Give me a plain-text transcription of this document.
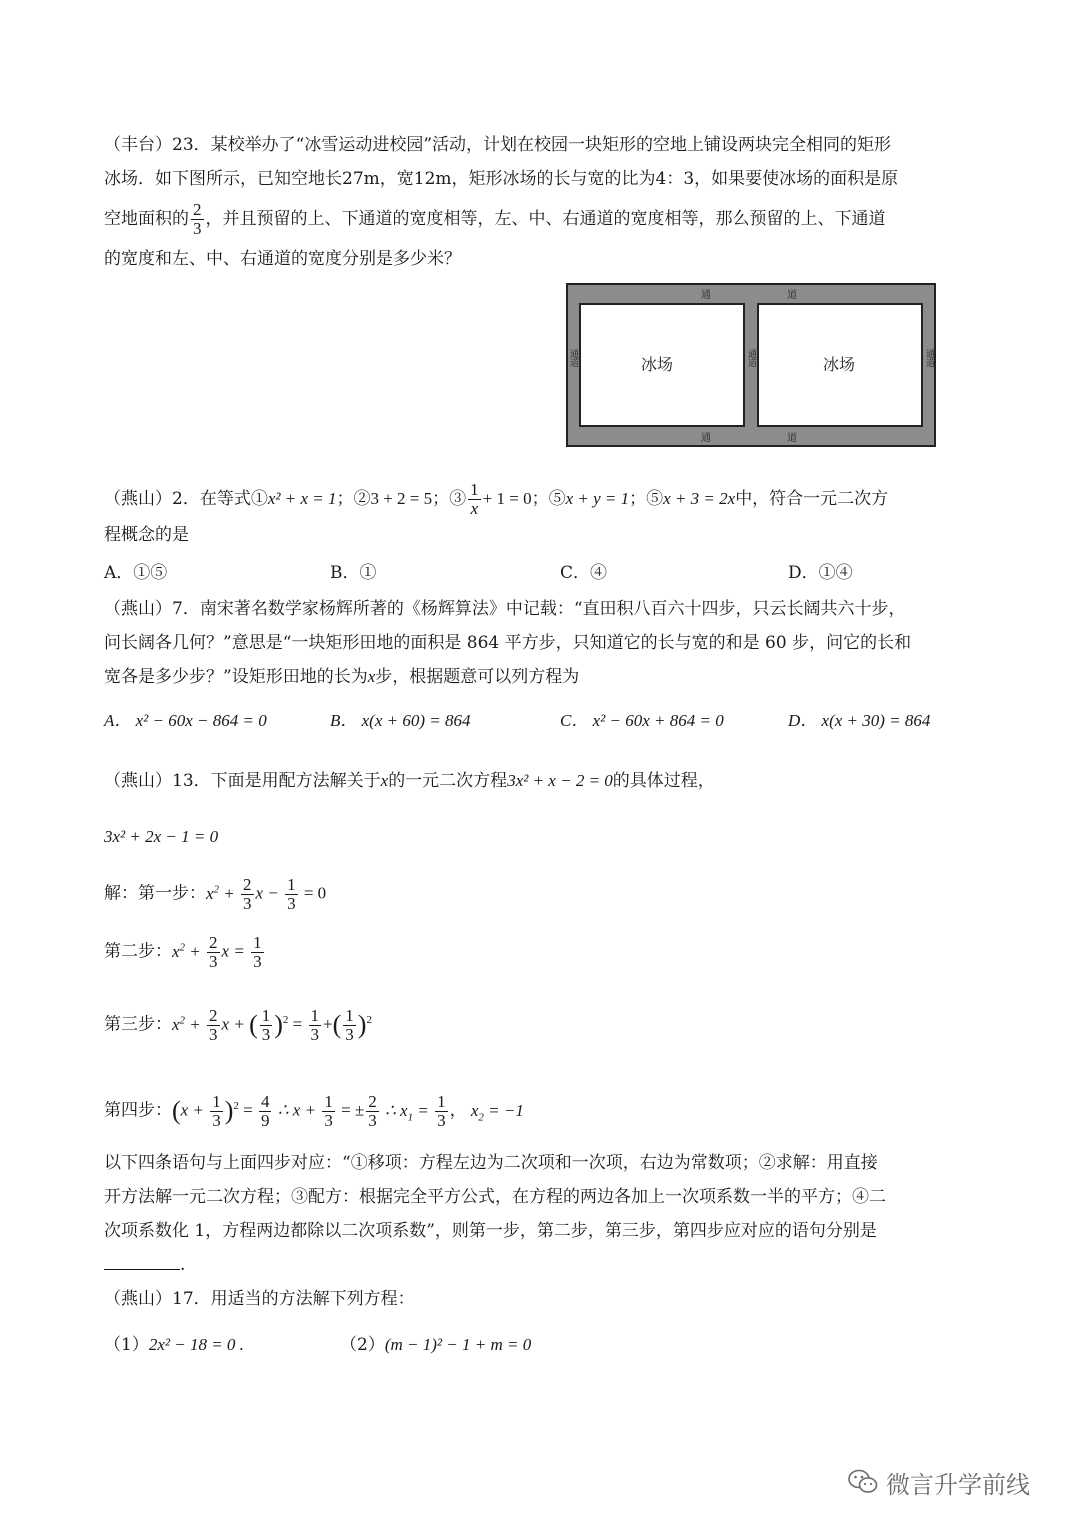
（丰台）23．某校举办了“冰雪运动进校园”活动，计划在校园一块矩形的空地上铺设两块完全相同的矩形
冰场．如下图所示，已知空地长27m，宽12m，矩形冰场的长与宽的比为4：3，如果要使冰场的面积是原
空地面积的 $\frac{2}{3}$ ，并且预留的上、下通道的宽度相等，左、中、右通道的宽度相等，那么预留的上、下通道
的宽度和左、中、右通道的宽度分别是多少米？
冰场	冰场
通	道
通	道
通道	通道	通道
（燕山）2．在等式①x² + x = 1；②3 + 2 = 5；③ $\frac{1}{x} + 1 = 0$；⑤x + y = 1；⑤x + 3 = 2x中，符合一元二次方
程概念的是
A．①⑤	B．①	C．④	D．①④
（燕山）7．南宋著名数学家杨辉所著的《杨辉算法》中记载：“直田积八百六十四步，只云长阔共六十步，
问长阔各几何？”意思是“一块矩形田地的面积是 864 平方步，只知道它的长与宽的和是 60 步，问它的长和
宽各是多少步？”设矩形田地的长为x步，根据题意可以列方程为
A． x² − 60x − 864 = 0	B． x(x + 60) = 864	C． x² − 60x + 864 = 0	D． x(x + 30) = 864
（燕山）13．下面是用配方法解关于x的一元二次方程3x² + x − 2 = 0的具体过程，
3x² + 2x − 1 = 0
解：第一步：$x^2 + \frac{2}{3}$ $x - \frac{1}{3} = 0$
第二步：$x^2 + \frac{2}{3}$ $x = \frac{1}{3}$
第三步：$x^2 + \frac{2}{3}$ x + ( $\frac{1}{3} )^2 = \frac{1}{3}$ +( $\frac{1}{3} )^2$
第四步：$(x + \frac{1}{3} )^2 = \frac{4}{9}$ ∴ $x + \frac{1}{3}$ = ± $\frac{2}{3}$ ∴ $x_1 = \frac{1}{3}$ ， $x_2 = -1$
以下四条语句与上面四步对应：“①移项：方程左边为二次项和一次项，右边为常数项；②求解：用直接
开方法解一元二次方程；③配方：根据完全平方公式，在方程的两边各加上一次项系数一半的平方；④二
次项系数化 1，方程两边都除以二次项系数”，则第一步，第二步，第三步，第四步应对应的语句分别是
.
（燕山）17．用适当的方法解下列方程：
（1）2x² − 18 = 0 .	（2）(m − 1)² − 1 + m = 0
微言升学前线
